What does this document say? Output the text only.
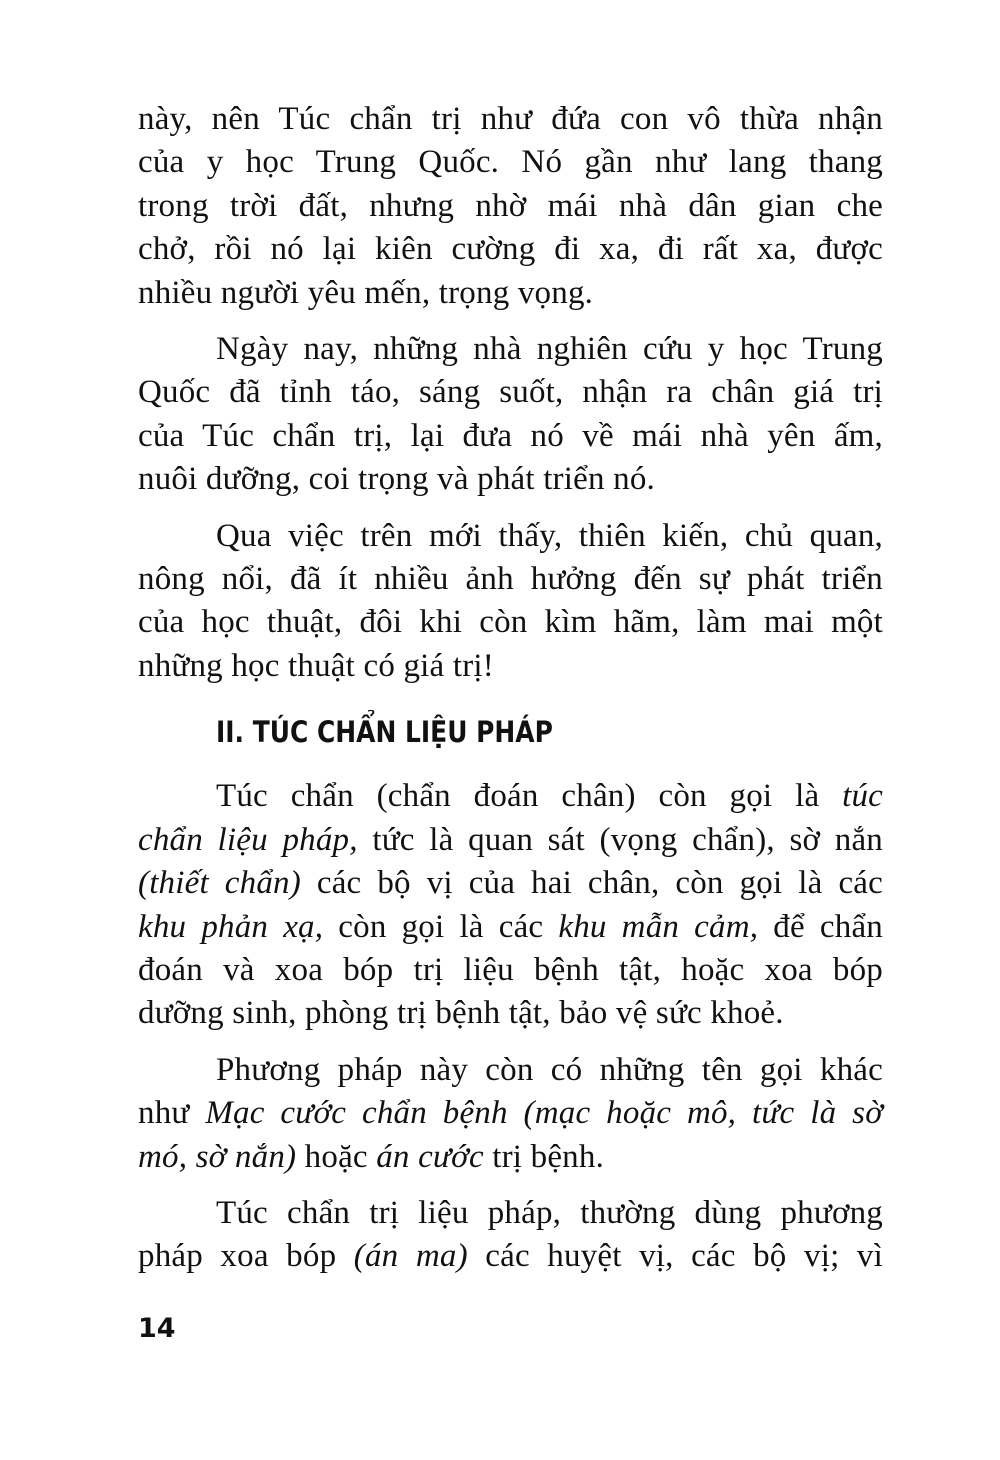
này, nên Túc chẩn trị như đứa con vô thừa nhận
của y học Trung Quốc. Nó gần như lang thang
trong trời đất, nhưng nhờ mái nhà dân gian che
chở, rồi nó lại kiên cường đi xa, đi rất xa, được
nhiều người yêu mến, trọng vọng.
Ngày nay, những nhà nghiên cứu y học Trung
Quốc đã tỉnh táo, sáng suốt, nhận ra chân giá trị
của Túc chẩn trị, lại đưa nó về mái nhà yên ấm,
nuôi dưỡng, coi trọng và phát triển nó.
Qua việc trên mới thấy, thiên kiến, chủ quan,
nông nổi, đã ít nhiều ảnh hưởng đến sự phát triển
của học thuật, đôi khi còn kìm hãm, làm mai một
những học thuật có giá trị!
II. TÚC CHẨN LIỆU PHÁP
Túc chẩn (chẩn đoán chân) còn gọi là túc
chẩn liệu pháp, tức là quan sát (vọng chẩn), sờ nắn
(thiết chẩn) các bộ vị của hai chân, còn gọi là các
khu phản xạ, còn gọi là các khu mẫn cảm, để chẩn
đoán và xoa bóp trị liệu bệnh tật, hoặc xoa bóp
dưỡng sinh, phòng trị bệnh tật, bảo vệ sức khoẻ.
Phương pháp này còn có những tên gọi khác
như Mạc cước chẩn bệnh (mạc hoặc mô, tức là sờ
mó, sờ nắn) hoặc án cước trị bệnh.
Túc chẩn trị liệu pháp, thường dùng phương
pháp xoa bóp (án ma) các huyệt vị, các bộ vị; vì
14
